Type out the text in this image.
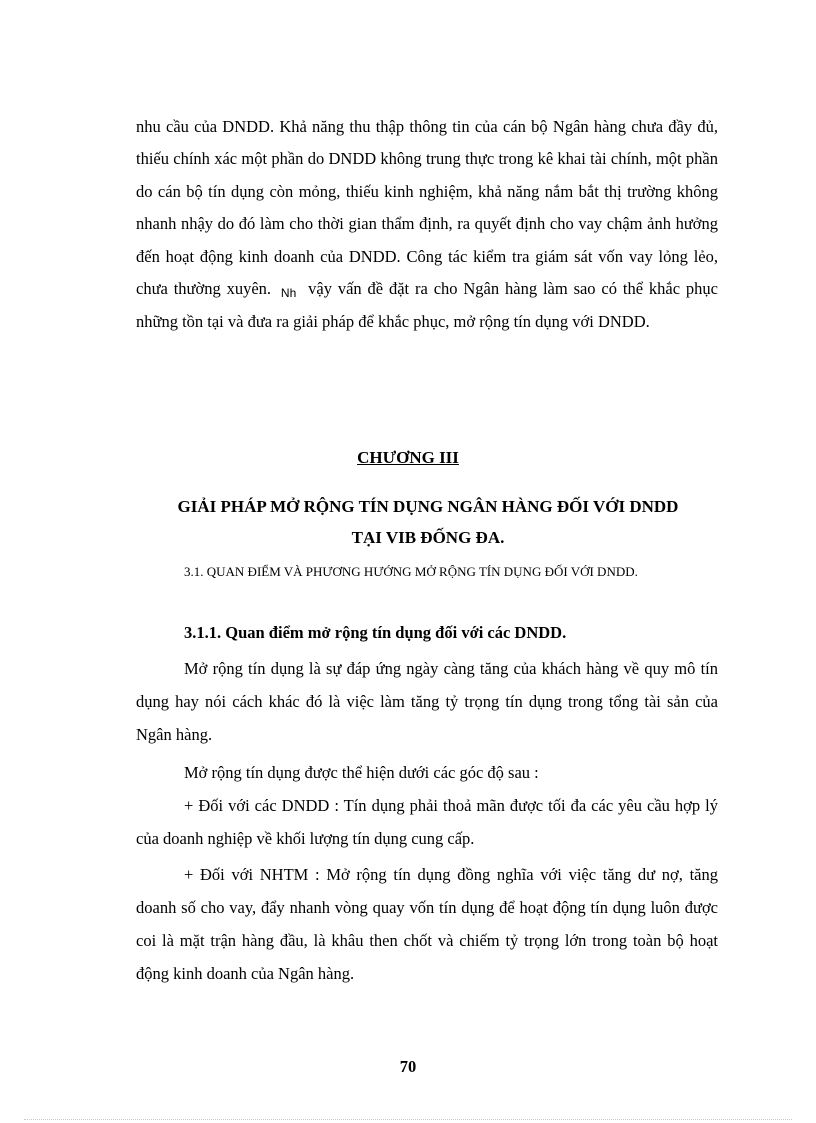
nhu cầu của DNDD. Khả năng thu thập thông tin của cán bộ Ngân hàng chưa đầy đủ, thiếu chính xác một phần do DNDD không trung thực trong kê khai tài chính, một phần do cán bộ tín dụng còn mỏng, thiếu kinh nghiệm, khả năng nắm bắt thị trường không nhanh nhậy do đó làm cho thời gian thẩm định, ra quyết định cho vay chậm ảnh hưởng đến hoạt động kinh doanh của DNDD. Công tác kiểm tra giám sát vốn vay lỏng lẻo, chưa thường xuyên. Nh vậy vấn đề đặt ra cho Ngân hàng làm sao có thể khắc phục những tồn tại và đưa ra giải pháp để khắc phục, mở rộng tín dụng với DNDD.
CHƯƠNG III
GIẢI PHÁP MỞ RỘNG TÍN DỤNG NGÂN HÀNG ĐỐI VỚI DNDD
TẠI VIB ĐỐNG ĐA.
3.1. QUAN ĐIỂM VÀ PHƯƠNG HƯỚNG MỞ RỘNG TÍN DỤNG ĐỐI VỚI DNDD.
3.1.1. Quan điểm mở rộng tín dụng đối với các DNDD.
Mở rộng tín dụng là sự đáp ứng ngày càng tăng của khách hàng về quy mô tín dụng hay nói cách khác đó là việc làm tăng tỷ trọng tín dụng trong tổng tài sản của Ngân hàng.
Mở rộng tín dụng được thể hiện dưới các góc độ sau :
+ Đối với các DNDD : Tín dụng phải thoả mãn được tối đa các yêu cầu hợp lý của doanh nghiệp về khối lượng tín dụng cung cấp.
+ Đối với NHTM : Mở rộng tín dụng đồng nghĩa với việc tăng dư nợ, tăng doanh số cho vay, đẩy nhanh vòng quay vốn tín dụng để hoạt động tín dụng luôn được coi là mặt trận hàng đầu, là khâu then chốt và chiếm tỷ trọng lớn trong toàn bộ hoạt động kinh doanh của Ngân hàng.
70
